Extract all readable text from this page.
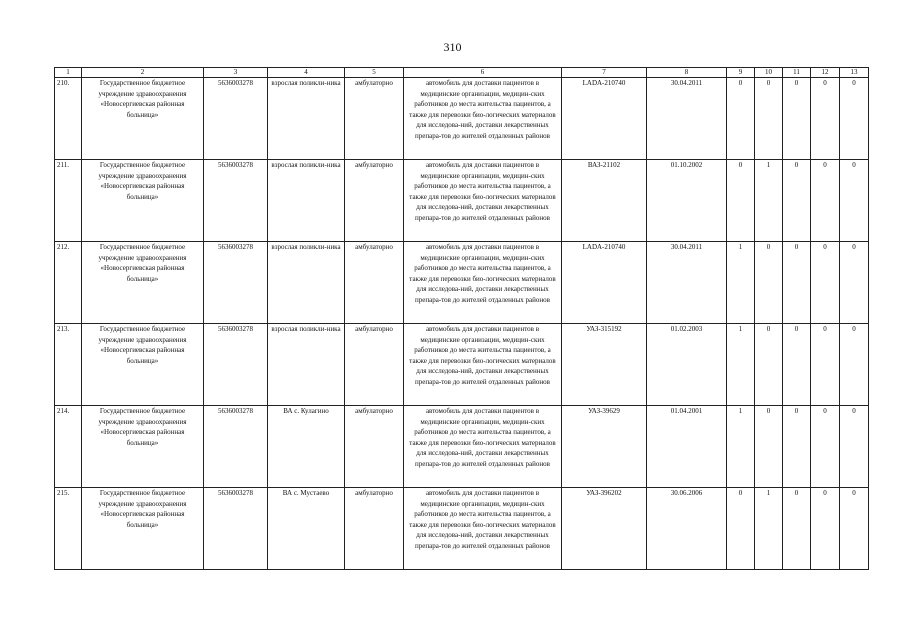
310
1	2	3	4	5	6	7	8	9	10	11	12	13
210.	Государственное бюджетное учреждение здравоохранения «Новосергиевская районная больница»	5636003278	взрослая поликли-ника	амбулаторно	автомобиль для доставки пациентов в медицинские организации, медицин-ских работников до места жительства пациентов, а также для перевозки био-логических материалов для исследова-ний, доставки лекарственных препара-тов до жителей отдаленных районов	LADA-210740	30.04.2011	0	0	0	0	0
211.	Государственное бюджетное учреждение здравоохранения «Новосергиевская районная больница»	5636003278	взрослая поликли-ника	амбулаторно	автомобиль для доставки пациентов в медицинские организации, медицин-ских работников до места жительства пациентов, а также для перевозки био-логических материалов для исследова-ний, доставки лекарственных препара-тов до жителей отдаленных районов	ВАЗ-21102	01.10.2002	0	1	0	0	0
212.	Государственное бюджетное учреждение здравоохранения «Новосергиевская районная больница»	5636003278	взрослая поликли-ника	амбулаторно	автомобиль для доставки пациентов в медицинские организации, медицин-ских работников до места жительства пациентов, а также для перевозки био-логических материалов для исследова-ний, доставки лекарственных препара-тов до жителей отдаленных районов	LADA-210740	30.04.2011	1	0	0	0	0
213.	Государственное бюджетное учреждение здравоохранения «Новосергиевская районная больница»	5636003278	взрослая поликли-ника	амбулаторно	автомобиль для доставки пациентов в медицинские организации, медицин-ских работников до места жительства пациентов, а также для перевозки био-логических материалов для исследова-ний, доставки лекарственных препара-тов до жителей отдаленных районов	УАЗ-315192	01.02.2003	1	0	0	0	0
214.	Государственное бюджетное учреждение здравоохранения «Новосергиевская районная больница»	5636003278	ВА с. Кулагино	амбулаторно	автомобиль для доставки пациентов в медицинские организации, медицин-ских работников до места жительства пациентов, а также для перевозки био-логических материалов для исследова-ний, доставки лекарственных препара-тов до жителей отдаленных районов	УАЗ-39629	01.04.2001	1	0	0	0	0
215.	Государственное бюджетное учреждение здравоохранения «Новосергиевская районная больница»	5636003278	ВА с. Мустаево	амбулаторно	автомобиль для доставки пациентов в медицинские организации, медицин-ских работников до места жительства пациентов, а также для перевозки био-логических материалов для исследова-ний, доставки лекарственных препара-тов до жителей отдаленных районов	УАЗ-396202	30.06.2006	0	1	0	0	0
